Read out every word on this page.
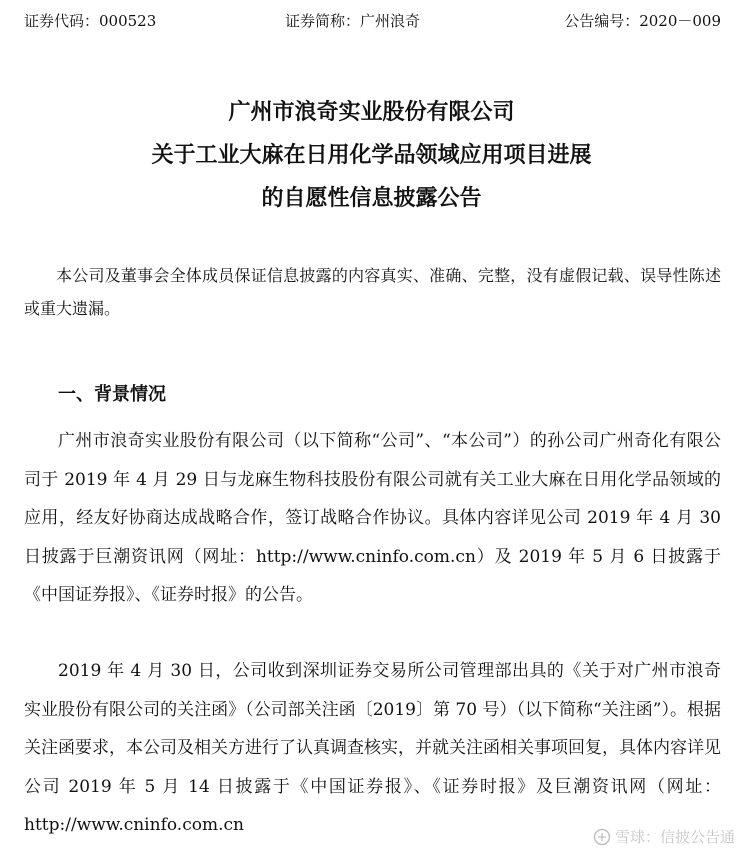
证券代码：000523	证券简称：广州浪奇	公告编号：2020－009
广州市浪奇实业股份有限公司
关于工业大麻在日用化学品领域应用项目进展
的自愿性信息披露公告
本公司及董事会全体成员保证信息披露的内容真实、准确、完整，没有虚假记载、误导性陈述或重大遗漏。
一、背景情况

广州市浪奇实业股份有限公司（以下简称“公司”、“本公司”）的孙公司广州奇化有限公司于 2019 年 4 月 29 日与龙麻生物科技股份有限公司就有关工业大麻在日用化学品领域的应用，经友好协商达成战略合作，签订战略合作协议。具体内容详见公司 2019 年 4 月 30 日披露于巨潮资讯网（网址：http://www.cninfo.com.cn）及 2019 年 5 月 6 日披露于《中国证券报》、《证券时报》的公告。

2019 年 4 月 30 日，公司收到深圳证券交易所公司管理部出具的《关于对广州市浪奇实业股份有限公司的关注函》（公司部关注函〔2019〕第 70 号）（以下简称“关注函”）。根据关注函要求，本公司及相关方进行了认真调查核实，并就关注函相关事项回复，具体内容详见公司 2019 年 5 月 14 日披露于《中国证券报》、《证券时报》及巨潮资讯网（网址：http://www.cninfo.com.cn

雪球：信披公告通
